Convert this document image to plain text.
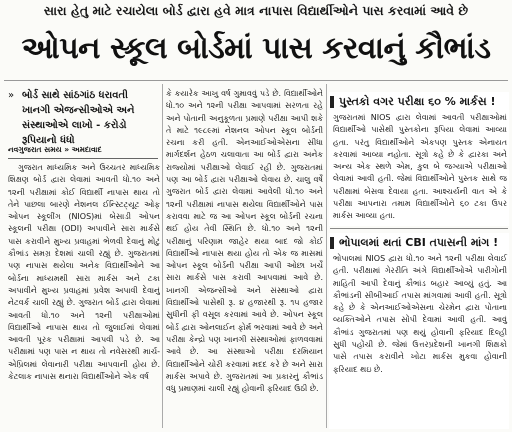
સારા હેતુ માટે રચાયેલા બોર્ડ દ્વારા હવે માત્ર નાપાસ વિદ્યાર્થીઓને પાસ કરવામાં આવે છે
ઓપન સ્કૂલ બોર્ડમાં પાસ કરવાનું કૌભાંડ
» બોર્ડ સાથે સાંઠગાંઠ ધરાવતી ખાનગી એજન્સીઓએ અને સંસ્થાઓએ લાખો - કરોડો રૂપિયાનો ધંધો
નવગુજરાત સમય » અમદાવાદ

ગુજરાત માધ્યમિક અને ઉચ્ચતર માધ્યમિક શિક્ષણ બોર્ડ દ્વારા લેવામાં આવતી ધો.૧૦ અને ૧૨ની પરીક્ષામાં કોઈ વિદ્યાર્થી નાપાસ થાય તો તેને પાછલા બારણે નેશનલ ઈન્સ્ટિટ્યૂટ ઓફ ઓપન સ્કૂલીંગ (NIOS)માં બેસાડી ઓપન સ્કૂલની પરીક્ષા (ODI) અપાવીને સારા માર્કસે પાસ કરાવીને મુખ્ય પ્રવાહમાં ભેળવી દેવાનું મોટું કૌભાંડ સમગ્ર દેશમાં ચાલી રહ્યું છે. ગુજરાતમાં પણ નાપાસ થયેલા અનેક વિદ્યાર્થીઓને આ બોર્ડના માધ્યમથી સારા માર્કસ અને ટકા અપાવીને મુખ્ય પ્રવાહમાં પ્રવેશ અપાવી દેવાનું નેટવર્ક ચાલી રહ્યું છે. ગુજરાત બોર્ડ દ્વારા લેવામાં આવતી ધો.૧૦ અને ૧૨ની પરીક્ષાઓમાં વિદ્યાર્થીઓ નાપાસ થાય તો જુલાઈમાં લેવામાં આવતી પૂરક પરીક્ષામાં આપવી પડે છે. આ પરીક્ષામાં પણ પાસ ન થાય તો નવેસરથી માર્ચ-એપ્રિલમાં લેવાનારી પરીક્ષા આપવાની હોય છે. કેટલાક નાપાસ થનારા વિદ્યાર્થીઓને એક વર્ષ

કે કયારેક આખુ વર્ષ ગુમાવવું પડે છે. વિદ્યાર્થીઓને ધો.૧૦ અને ૧૨ની પરીક્ષા આપવામાં સરળતા રહે અને પોતાની અનુકૂળતા પ્રમાણે પરીક્ષા આપી શકે તે માટે ૧૯૮૯માં નેશનલ ઓપન સ્કૂલ બોર્ડની રચના કરી હતી. એનઆઈઓએસના સીધા માર્ગદર્શન હેઠળ ચલાવાતા આ બોર્ડ દ્વારા અનેક રાજ્યોમાં પરીક્ષાઓ લેવાઈ રહી છે. ગુજરાતમાં પણ આ બોર્ડ દ્વારા પરીક્ષાઓ લેવાય છે. ચાલુ વર્ષે ગુજરાત બોર્ડ દ્વારા લેવામાં આવેલી ધો.૧૦ અને ૧૨ની પરીક્ષામાં નાપાસ થયેલા વિદ્યાર્થીઓને પાસ કરાવવા માટે જ આ ઓપન સ્કૂલ બોર્ડની રચના થઈ હોય તેવી સ્થિતિ છે. ધો.૧૦ અને ૧૨ની પરીક્ષાનું પરિણામ જાહેર થયા બાદ જો કોઈ વિદ્યાર્થીઓ નાપાસ થયા હોય તો એક જ માસમાં ઓપન સ્કૂલ બોર્ડની પરીક્ષા આપી ઓછા ખર્ચે સારા માર્કસે પાસ કરાવી આપવામાં આવે છે. ખાનગી એજન્સીઓ અને સંસ્થાઓ દ્વારા વિદ્યાર્થીઓ પાસેથી રૂ. ૪ હજારથી રૂ. ૧૫ હજાર સુધીની ફી વસૂલ કરવામાં આવે છે. ઓપન સ્કૂલ બોર્ડ દ્વારા ઓનલાઈન ફોર્મ ભરવામાં આવે છે અને પરીક્ષા કેન્દ્રો પણ ખાનગી સંસ્થાઓમાં ફાળવવામાં આવે છે. આ સંસ્થાઓ પરીક્ષા દરમિયાન વિદ્યાર્થીઓને ચોરી કરવામાં મદદ કરે છે અને સારા માર્કસ અપાવે છે. ગુજરાતમાં આ પ્રકારનું કૌભાંડ વધુ પ્રમાણમાં ચાલી રહ્યું હોવાની ફરિયાદ ઉઠી છે.

પુસ્તકો વગર પરીક્ષા ૬૦ % માર્કસ !
ગુજરાતમાં NIOS દ્વારા લેવામાં આવતી પરીક્ષાઓમાં વિદ્યાર્થીઓ પાસેથી પુસ્તકોના રૂપિયા લેવામાં આવ્યા હતા. પરંતુ વિદ્યાર્થીઓને એકપણ પુસ્તક એનાયત કરવામાં આવ્યા નહોતા. સૂત્રો કહે છે કે દ્વારકા અને અન્ય એક સ્થળે એમ, કુલ બે જગ્યાએ પરીક્ષાઓ લેવામાં આવી હતી. જેમાં વિદ્યાર્થીઓને પુસ્તક સાથે જ પરીક્ષામાં બેસવા દેવાયા હતા. આશ્ચર્યની વાત એ કે પરીક્ષા આપનારા તમામ વિદ્યાર્થીઓને ૬૦ ટકા ઉપર માર્કસ આવ્યા હતા.
ભોપાલમાં થતાં CBI તપાસની માંગ !
ભોપાલમાં NIOS દ્વારા ધો.૧૦ અને ૧૨ની પરીક્ષા લેવાઈ હતી. પરીક્ષામાં ગેરરીતિ અંગે વિદ્યાર્થીઓએ પારીગોની માહિતી આપી દેવાનું કૌભાંડ બહાર આવ્યું હતું. આ કૌભાંડની સીબીઆઈ તપાસ માંગવામાં આવી હતી. સૂત્રો કહે છે કે એનઆઈઓએસના ચેરમેન દ્વારા પોતાના વ્યક્તિઓને તપાસ સોંપી દેવામાં આવી હતી. આવું કૌભાંડ ગુજરાતમાં પણ થયું હોવાની ફરિયાદ દિલ્હી સુધી પહોંચી છે. જેમાં ઉત્તરપ્રદેશની ખાનગી શિક્ષકો પાસે તપાસ કરાવીને ખોટા માર્કસ મુકવા હોવાની ફરિયાદ થઇ છે.
